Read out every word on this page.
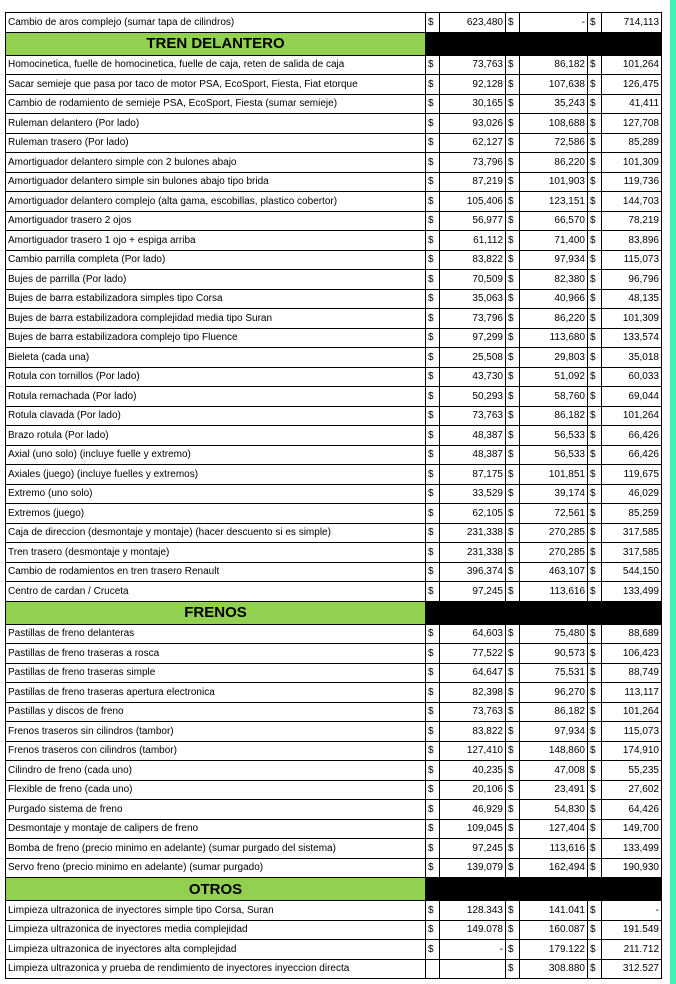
Cambio de aros complejo (sumar tapa de cilindros)	$	623,480	$	-	$	714,113
TREN DELANTERO						
Homocinetica, fuelle de homocinetica, fuelle de caja, reten de salida de caja	$	73,763	$	86,182	$	101,264
Sacar semieje que pasa por taco de motor PSA, EcoSport, Fiesta, Fiat etorque	$	92,128	$	107,638	$	126,475
Cambio de rodamiento de semieje PSA, EcoSport, Fiesta (sumar semieje)	$	30,165	$	35,243	$	41,411
Ruleman delantero (Por lado)	$	93,026	$	108,688	$	127,708
Ruleman trasero (Por lado)	$	62,127	$	72,586	$	85,289
Amortiguador delantero simple con 2 bulones abajo	$	73,796	$	86,220	$	101,309
Amortiguador delantero simple sin bulones abajo tipo brida	$	87,219	$	101,903	$	119,736
Amortiguador delantero complejo (alta gama, escobillas, plastico cobertor)	$	105,406	$	123,151	$	144,703
Amortiguador trasero 2 ojos	$	56,977	$	66,570	$	78,219
Amortiguador trasero 1 ojo + espiga arriba	$	61,112	$	71,400	$	83,896
Cambio parrilla completa (Por lado)	$	83,822	$	97,934	$	115,073
Bujes de parrilla (Por lado)	$	70,509	$	82,380	$	96,796
Bujes de barra estabilizadora simples tipo Corsa	$	35,063	$	40,966	$	48,135
Bujes de barra estabilizadora complejidad media tipo Suran	$	73,796	$	86,220	$	101,309
Bujes de barra estabilizadora complejo tipo Fluence	$	97,299	$	113,680	$	133,574
Bieleta (cada una)	$	25,508	$	29,803	$	35,018
Rotula con tornillos (Por lado)	$	43,730	$	51,092	$	60,033
Rotula remachada (Por lado)	$	50,293	$	58,760	$	69,044
Rotula clavada (Por lado)	$	73,763	$	86,182	$	101,264
Brazo rotula (Por lado)	$	48,387	$	56,533	$	66,426
Axial (uno solo) (incluye fuelle y extremo)	$	48,387	$	56,533	$	66,426
Axiales (juego) (incluye fuelles y extremos)	$	87,175	$	101,851	$	119,675
Extremo (uno solo)	$	33,529	$	39,174	$	46,029
Extremos (juego)	$	62,105	$	72,561	$	85,259
Caja de direccion (desmontaje y montaje) (hacer descuento si es simple)	$	231,338	$	270,285	$	317,585
Tren trasero (desmontaje y montaje)	$	231,338	$	270,285	$	317,585
Cambio de rodamientos en tren trasero Renault	$	396,374	$	463,107	$	544,150
Centro de cardan / Cruceta	$	97,245	$	113,616	$	133,499
FRENOS						
Pastillas de freno delanteras	$	64,603	$	75,480	$	88,689
Pastillas de freno traseras a rosca	$	77,522	$	90,573	$	106,423
Pastillas de freno traseras simple	$	64,647	$	75,531	$	88,749
Pastillas de freno traseras apertura electronica	$	82,398	$	96,270	$	113,117
Pastillas y discos de freno	$	73,763	$	86,182	$	101,264
Frenos traseros sin cilindros (tambor)	$	83,822	$	97,934	$	115,073
Frenos traseros con cilindros (tambor)	$	127,410	$	148,860	$	174,910
Cilindro de freno (cada uno)	$	40,235	$	47,008	$	55,235
Flexible de freno (cada uno)	$	20,106	$	23,491	$	27,602
Purgado sistema de freno	$	46,929	$	54,830	$	64,426
Desmontaje y montaje de calipers de freno	$	109,045	$	127,404	$	149,700
Bomba de freno (precio minimo en adelante) (sumar purgado del sistema)	$	97,245	$	113,616	$	133,499
Servo freno (precio minimo en adelante) (sumar purgado)	$	139,079	$	162,494	$	190,930
OTROS						
Limpieza ultrazonica de inyectores simple tipo Corsa, Suran	$	128.343	$	141.041	$	-
Limpieza ultrazonica de inyectores media complejidad	$	149.078	$	160.087	$	191.549
Limpieza ultrazonica de inyectores alta complejidad	$	-	$	179.122	$	211.712
Limpieza ultrazonica y prueba de rendimiento de inyectores inyeccion directa			$	308.880	$	312.527
